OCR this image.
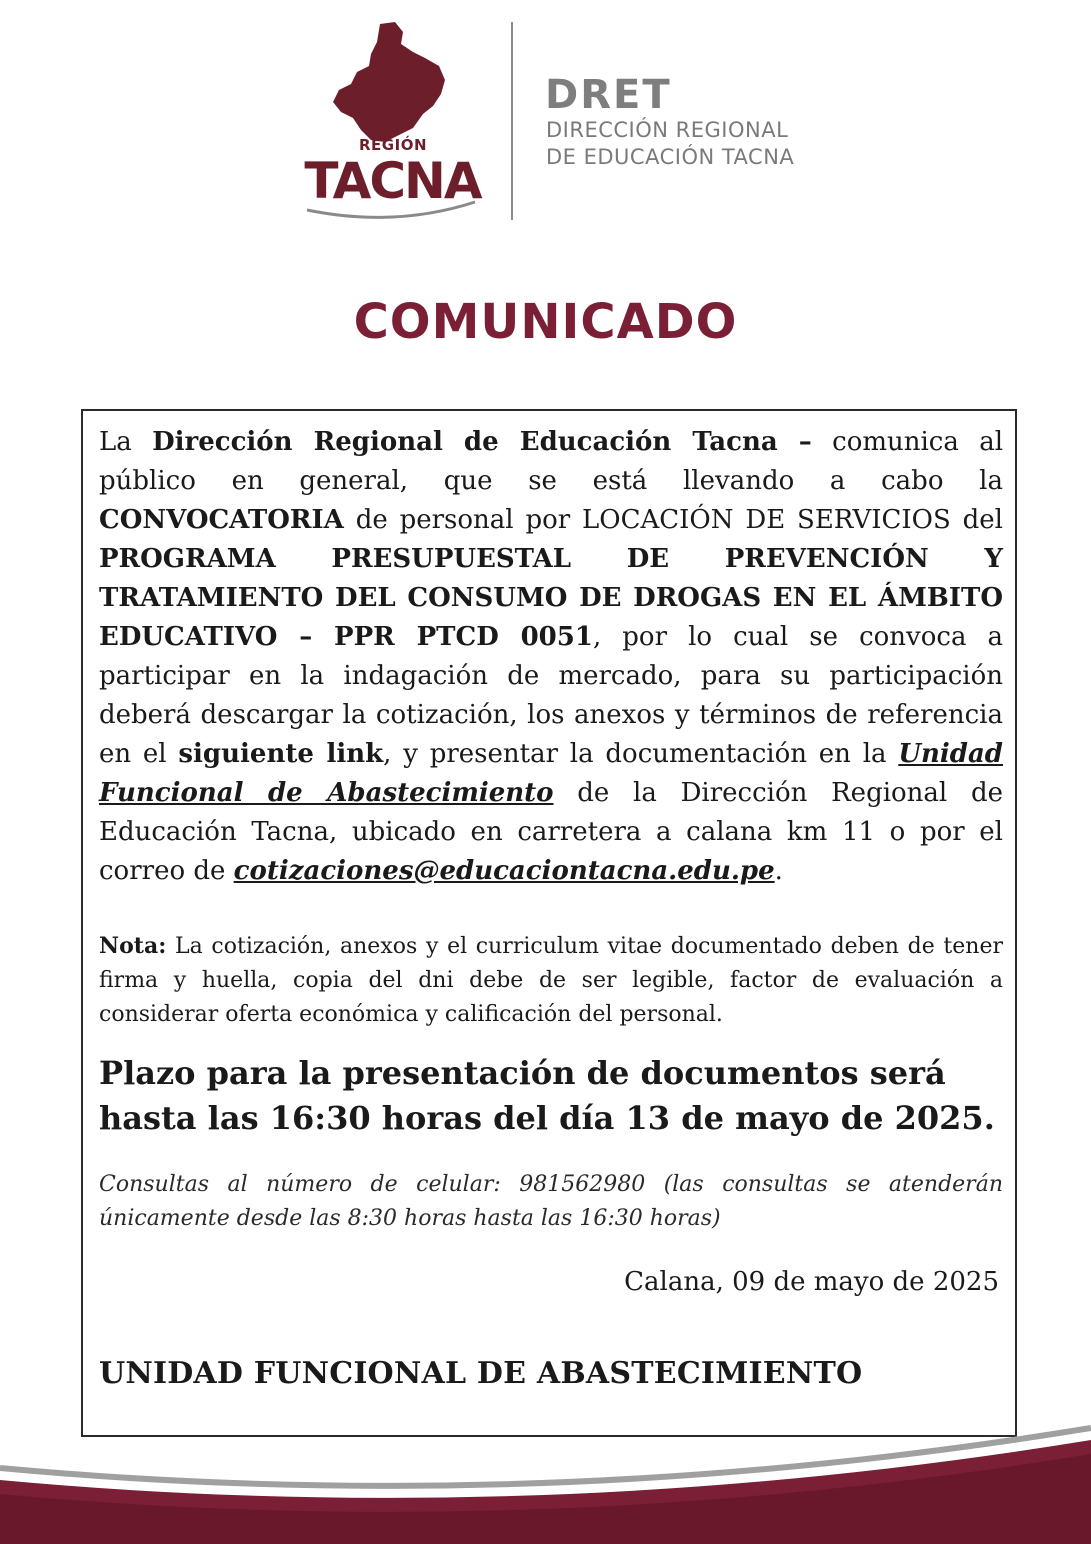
REGIÓN
TACNA
DRET
DIRECCIÓN REGIONAL
DE EDUCACIÓN TACNA
COMUNICADO
La Dirección Regional de Educación Tacna – comunica al público en general, que se está llevando a cabo la CONVOCATORIA de personal por LOCACIÓN DE SERVICIOS del PROGRAMA PRESUPUESTAL DE PREVENCIÓN Y TRATAMIENTO DEL CONSUMO DE DROGAS EN EL ÁMBITO EDUCATIVO – PPR PTCD 0051, por lo cual se convoca a participar en la indagación de mercado, para su participación deberá descargar la cotización, los anexos y términos de referencia en el siguiente link, y presentar la documentación en la Unidad Funcional de Abastecimiento de la Dirección Regional de Educación Tacna, ubicado en carretera a calana km 11 o por el correo de cotizaciones@educaciontacna.edu.pe.
Nota: La cotización, anexos y el curriculum vitae documentado deben de tener firma y huella, copia del dni debe de ser legible, factor de evaluación a considerar oferta económica y calificación del personal.
Plazo para la presentación de documentos será hasta las 16:30 horas del día 13 de mayo de 2025.
Consultas al número de celular: 981562980 (las consultas se atenderán únicamente desde las 8:30 horas hasta las 16:30 horas)
Calana, 09 de mayo de 2025
UNIDAD FUNCIONAL DE ABASTECIMIENTO
